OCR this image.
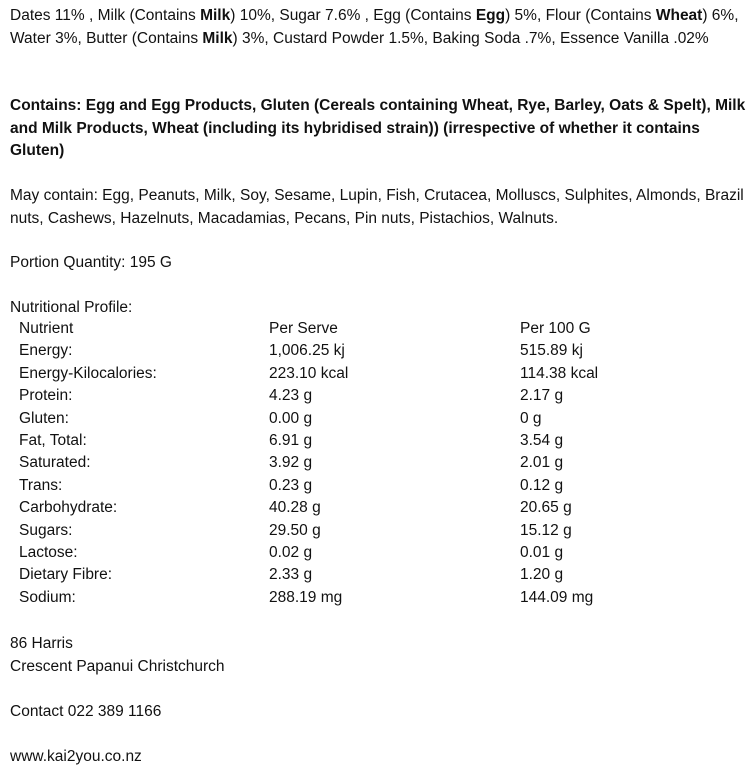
Dates 11% , Milk (Contains Milk) 10%, Sugar 7.6% , Egg (Contains Egg) 5%, Flour (Contains Wheat) 6%, Water 3%, Butter (Contains Milk) 3%, Custard Powder 1.5%, Baking Soda .7%, Essence Vanilla .02%
Contains: Egg and Egg Products, Gluten (Cereals containing Wheat, Rye, Barley, Oats & Spelt), Milk and Milk Products, Wheat (including its hybridised strain)) (irrespective of whether it contains Gluten)
May contain: Egg, Peanuts, Milk, Soy, Sesame, Lupin, Fish, Crutacea, Molluscs, Sulphites, Almonds, Brazil nuts, Cashews, Hazelnuts, Macadamias, Pecans, Pin nuts, Pistachios, Walnuts.
Portion Quantity: 195 G
Nutritional Profile:
Nutrient	Per Serve	Per 100 G
Energy:	1,006.25 kj	515.89 kj
Energy-Kilocalories:	223.10 kcal	114.38 kcal
Protein:	4.23 g	2.17 g
Gluten:	0.00 g	0 g
Fat, Total:	6.91 g	3.54 g
Saturated:	3.92 g	2.01 g
Trans:	0.23 g	0.12 g
Carbohydrate:	40.28 g	20.65 g
Sugars:	29.50 g	15.12 g
Lactose:	0.02 g	0.01 g
Dietary Fibre:	2.33 g	1.20 g
Sodium:	288.19 mg	144.09 mg
86 Harris
Crescent Papanui Christchurch
Contact 022 389 1166
www.kai2you.co.nz
